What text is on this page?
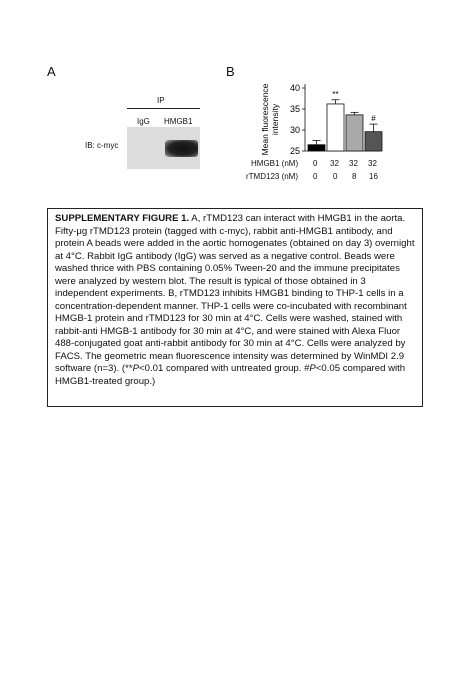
A
IP
IgG HMGB1
IB: c-myc
B
Mean fluorescenceintensity
25
30
35
40
**
#
HMGB1 (nM)
rTMD123 (nM)
0 32 32 32
0 0 8 16

SUPPLEMENTARY FIGURE 1. A, rTMD123 can interact with HMGB1 in the aorta. Fifty-μg rTMD123 protein (tagged with c-myc), rabbit anti-HMGB1 antibody, and protein A beads were added in the aortic homogenates (obtained on day 3) overnight at 4°C. Rabbit IgG antibody (IgG) was served as a negative control. Beads were washed thrice with PBS containing 0.05% Tween-20 and the immune precipitates were analyzed by western blot. The result is typical of those obtained in 3 independent experiments. B, rTMD123 inhibits HMGB1 binding to THP-1 cells in a concentration-dependent manner. THP-1 cells were co-incubated with recombinant HMGB-1 protein and rTMD123 for 30 min at 4°C. Cells were washed, stained with rabbit-anti HMGB-1 antibody for 30 min at 4°C, and were stained with Alexa Fluor 488-conjugated goat anti-rabbit antibody for 30 min at 4°C. Cells were analyzed by FACS. The geometric mean fluorescence intensity was determined by WinMDI 2.9 software (n=3). (**P<0.01 compared with untreated group. #P<0.05 compared with HMGB1-treated group.)
